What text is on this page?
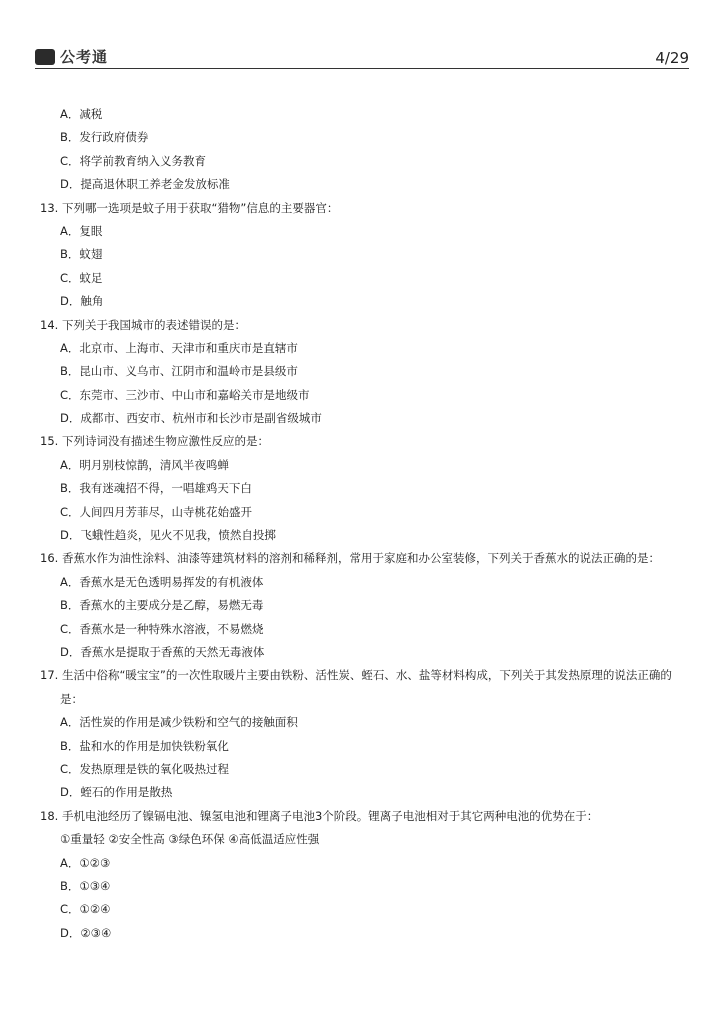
公考通	4/29
A．减税
B．发行政府债券
C．将学前教育纳入义务教育
D．提高退休职工养老金发放标准
13. 下列哪一选项是蚊子用于获取“猎物”信息的主要器官：
A．复眼
B．蚊翅
C．蚊足
D．触角
14. 下列关于我国城市的表述错误的是：
A．北京市、上海市、天津市和重庆市是直辖市
B．昆山市、义乌市、江阴市和温岭市是县级市
C．东莞市、三沙市、中山市和嘉峪关市是地级市
D．成都市、西安市、杭州市和长沙市是副省级城市
15. 下列诗词没有描述生物应激性反应的是：
A．明月别枝惊鹊，清风半夜鸣蝉
B．我有迷魂招不得，一唱雄鸡天下白
C．人间四月芳菲尽，山寺桃花始盛开
D．飞蛾性趋炎，见火不见我，愤然自投掷
16. 香蕉水作为油性涂料、油漆等建筑材料的溶剂和稀释剂，常用于家庭和办公室装修，下列关于香蕉水的说法正确的是：
A．香蕉水是无色透明易挥发的有机液体
B．香蕉水的主要成分是乙醇，易燃无毒
C．香蕉水是一种特殊水溶液，不易燃烧
D．香蕉水是提取于香蕉的天然无毒液体
17. 生活中俗称“暖宝宝”的一次性取暖片主要由铁粉、活性炭、蛭石、水、盐等材料构成，下列关于其发热原理的说法正确的
是：
A．活性炭的作用是减少铁粉和空气的接触面积
B．盐和水的作用是加快铁粉氧化
C．发热原理是铁的氧化吸热过程
D．蛭石的作用是散热
18. 手机电池经历了镍镉电池、镍氢电池和锂离子电池3个阶段。锂离子电池相对于其它两种电池的优势在于：
①重量轻 ②安全性高 ③绿色环保 ④高低温适应性强
A．①②③
B．①③④
C．①②④
D．②③④
